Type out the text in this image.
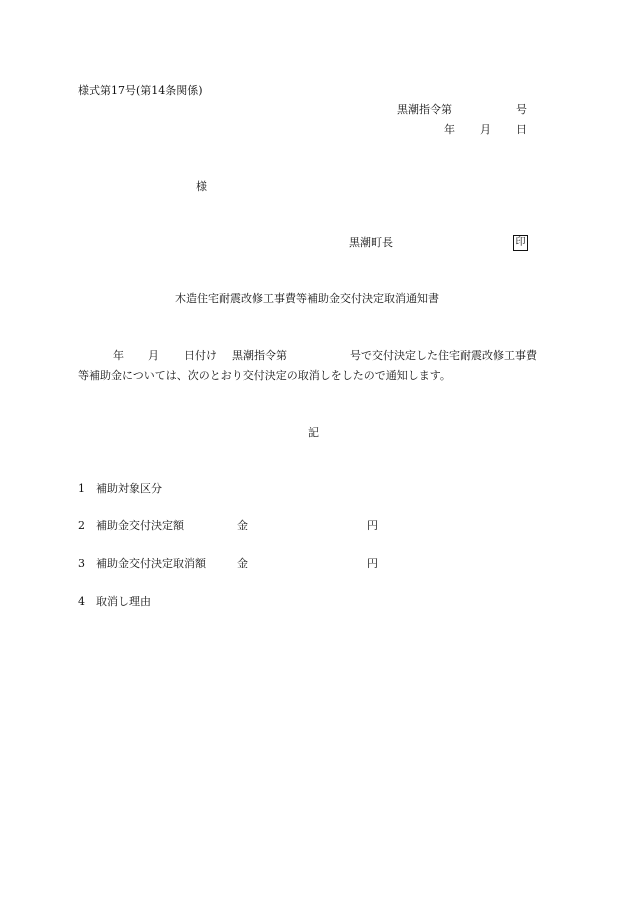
様式第17号(第14条関係)
黒潮指令第	号
年 月 日
様
黒潮町長	印
木造住宅耐震改修工事費等補助金交付決定取消通知書
年 月 日付け 黒潮指令第	号で交付決定した住宅耐震改修工事費
等補助金については、次のとおり交付決定の取消しをしたので通知します。
記
1 補助対象区分
2 補助金交付決定額	金	円
3 補助金交付決定取消額	金	円
4 取消し理由
